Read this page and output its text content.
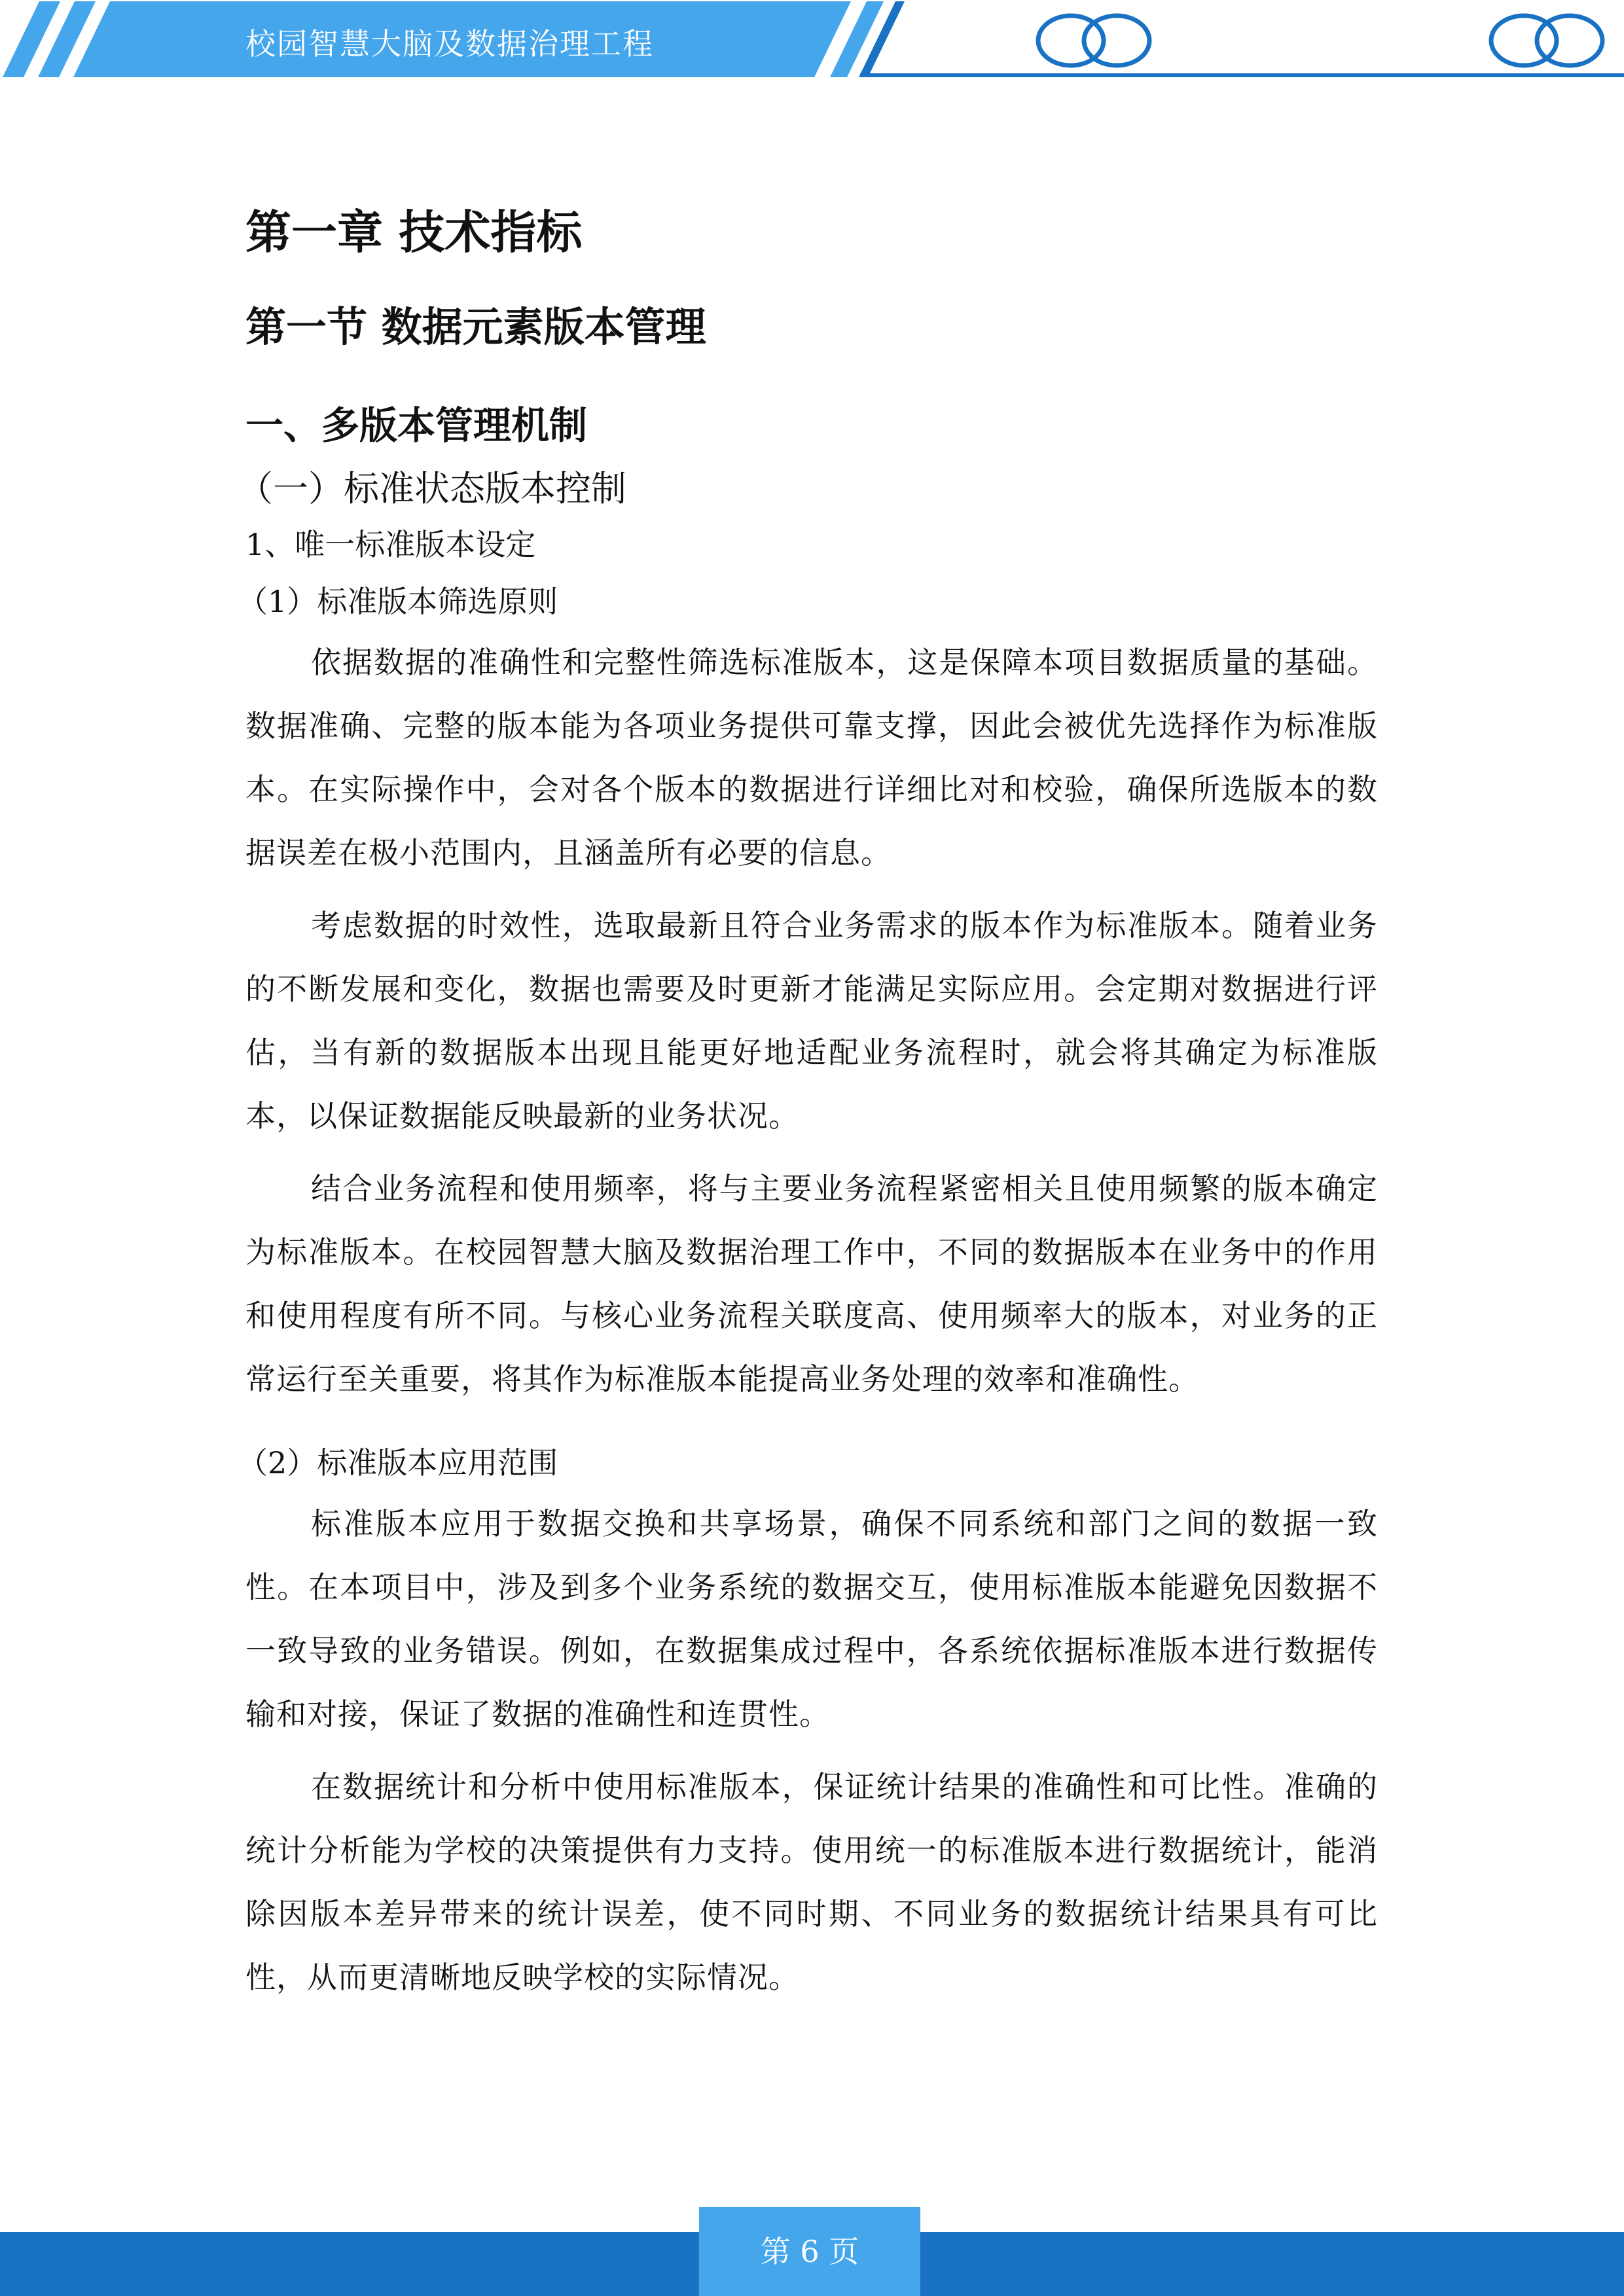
校园智慧大脑及数据治理工程
第一章 技术指标
第一节 数据元素版本管理
一、多版本管理机制
（一）标准状态版本控制
1、唯一标准版本设定
（1）标准版本筛选原则

依据数据的准确性和完整性筛选标准版本，这是保障本项目数据质量的基础。数据准确、完整的版本能为各项业务提供可靠支撑，因此会被优先选择作为标准版本。在实际操作中，会对各个版本的数据进行详细比对和校验，确保所选版本的数据误差在极小范围内，且涵盖所有必要的信息。

考虑数据的时效性，选取最新且符合业务需求的版本作为标准版本。随着业务的不断发展和变化，数据也需要及时更新才能满足实际应用。会定期对数据进行评估，当有新的数据版本出现且能更好地适配业务流程时，就会将其确定为标准版本，以保证数据能反映最新的业务状况。

结合业务流程和使用频率，将与主要业务流程紧密相关且使用频繁的版本确定为标准版本。在校园智慧大脑及数据治理工作中，不同的数据版本在业务中的作用和使用程度有所不同。与核心业务流程关联度高、使用频率大的版本，对业务的正常运行至关重要，将其作为标准版本能提高业务处理的效率和准确性。

（2）标准版本应用范围

标准版本应用于数据交换和共享场景，确保不同系统和部门之间的数据一致性。在本项目中，涉及到多个业务系统的数据交互，使用标准版本能避免因数据不一致导致的业务错误。例如，在数据集成过程中，各系统依据标准版本进行数据传输和对接，保证了数据的准确性和连贯性。

在数据统计和分析中使用标准版本，保证统计结果的准确性和可比性。准确的统计分析能为学校的决策提供有力支持。使用统一的标准版本进行数据统计，能消除因版本差异带来的统计误差，使不同时期、不同业务的数据统计结果具有可比性，从而更清晰地反映学校的实际情况。

第 6 页
